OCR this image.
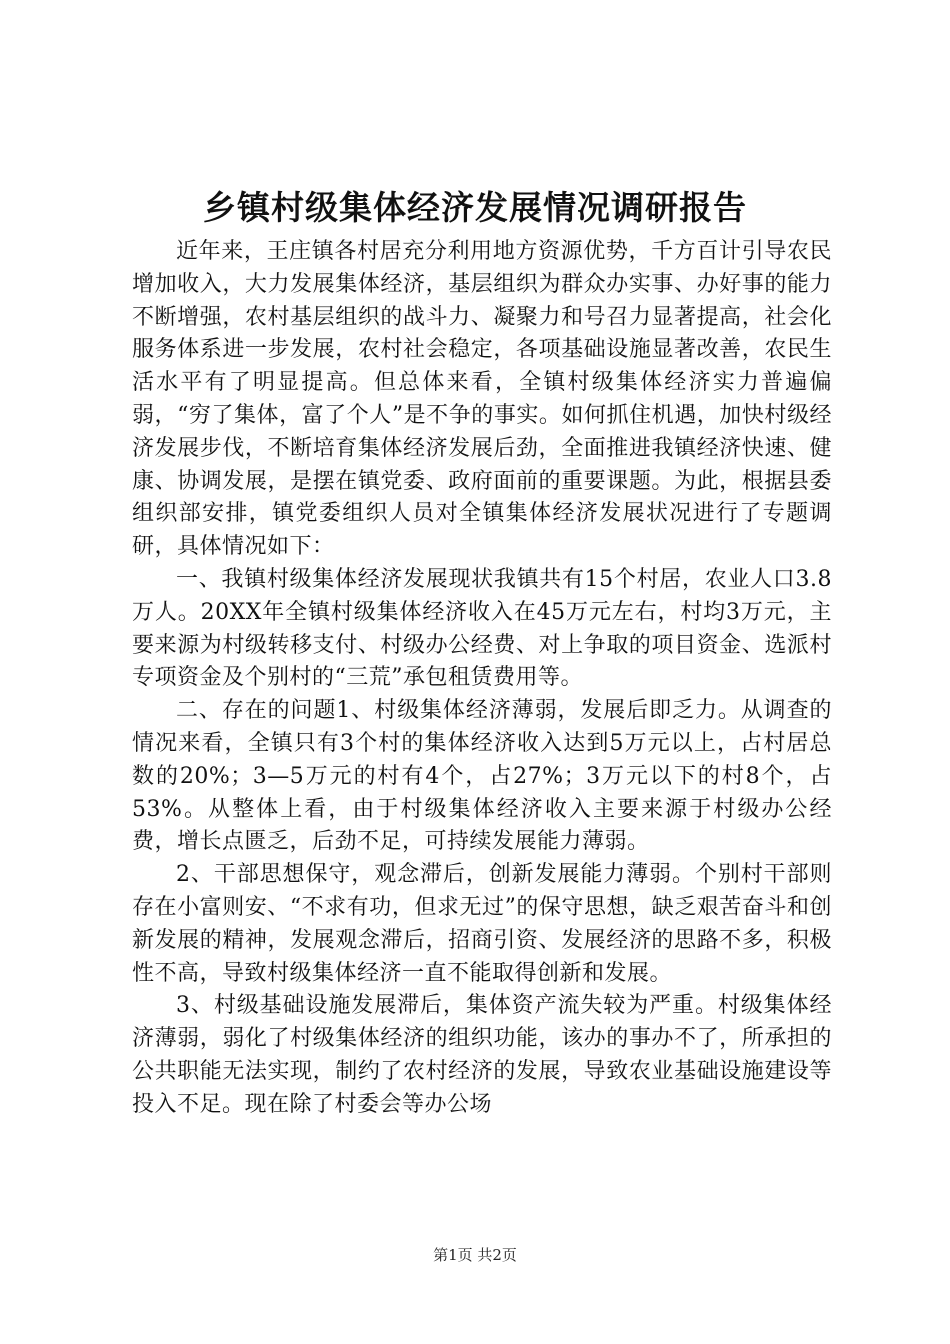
乡镇村级集体经济发展情况调研报告

近年来，王庄镇各村居充分利用地方资源优势，千方百计引导农民增加收入，大力发展集体经济，基层组织为群众办实事、办好事的能力不断增强，农村基层组织的战斗力、凝聚力和号召力显著提高，社会化服务体系进一步发展，农村社会稳定，各项基础设施显著改善，农民生活水平有了明显提高。但总体来看，全镇村级集体经济实力普遍偏弱，“穷了集体，富了个人”是不争的事实。如何抓住机遇，加快村级经济发展步伐，不断培育集体经济发展后劲，全面推进我镇经济快速、健康、协调发展，是摆在镇党委、政府面前的重要课题。为此，根据县委组织部安排，镇党委组织人员对全镇集体经济发展状况进行了专题调研，具体情况如下：

一、我镇村级集体经济发展现状我镇共有15个村居，农业人口3.8万人。20XX年全镇村级集体经济收入在45万元左右，村均3万元，主要来源为村级转移支付、村级办公经费、对上争取的项目资金、选派村专项资金及个别村的“三荒”承包租赁费用等。

二、存在的问题1、村级集体经济薄弱，发展后即乏力。从调查的情况来看，全镇只有3个村的集体经济收入达到5万元以上，占村居总数的20%；3—5万元的村有4个，占27%；3万元以下的村8个，占53%。从整体上看，由于村级集体经济收入主要来源于村级办公经费，增长点匮乏，后劲不足，可持续发展能力薄弱。

2、干部思想保守，观念滞后，创新发展能力薄弱。个别村干部则存在小富则安、“不求有功，但求无过”的保守思想，缺乏艰苦奋斗和创新发展的精神，发展观念滞后，招商引资、发展经济的思路不多，积极性不高，导致村级集体经济一直不能取得创新和发展。

3、村级基础设施发展滞后，集体资产流失较为严重。村级集体经济薄弱，弱化了村级集体经济的组织功能，该办的事办不了，所承担的公共职能无法实现，制约了农村经济的发展，导致农业基础设施建设等投入不足。现在除了村委会等办公场

第1页 共2页
